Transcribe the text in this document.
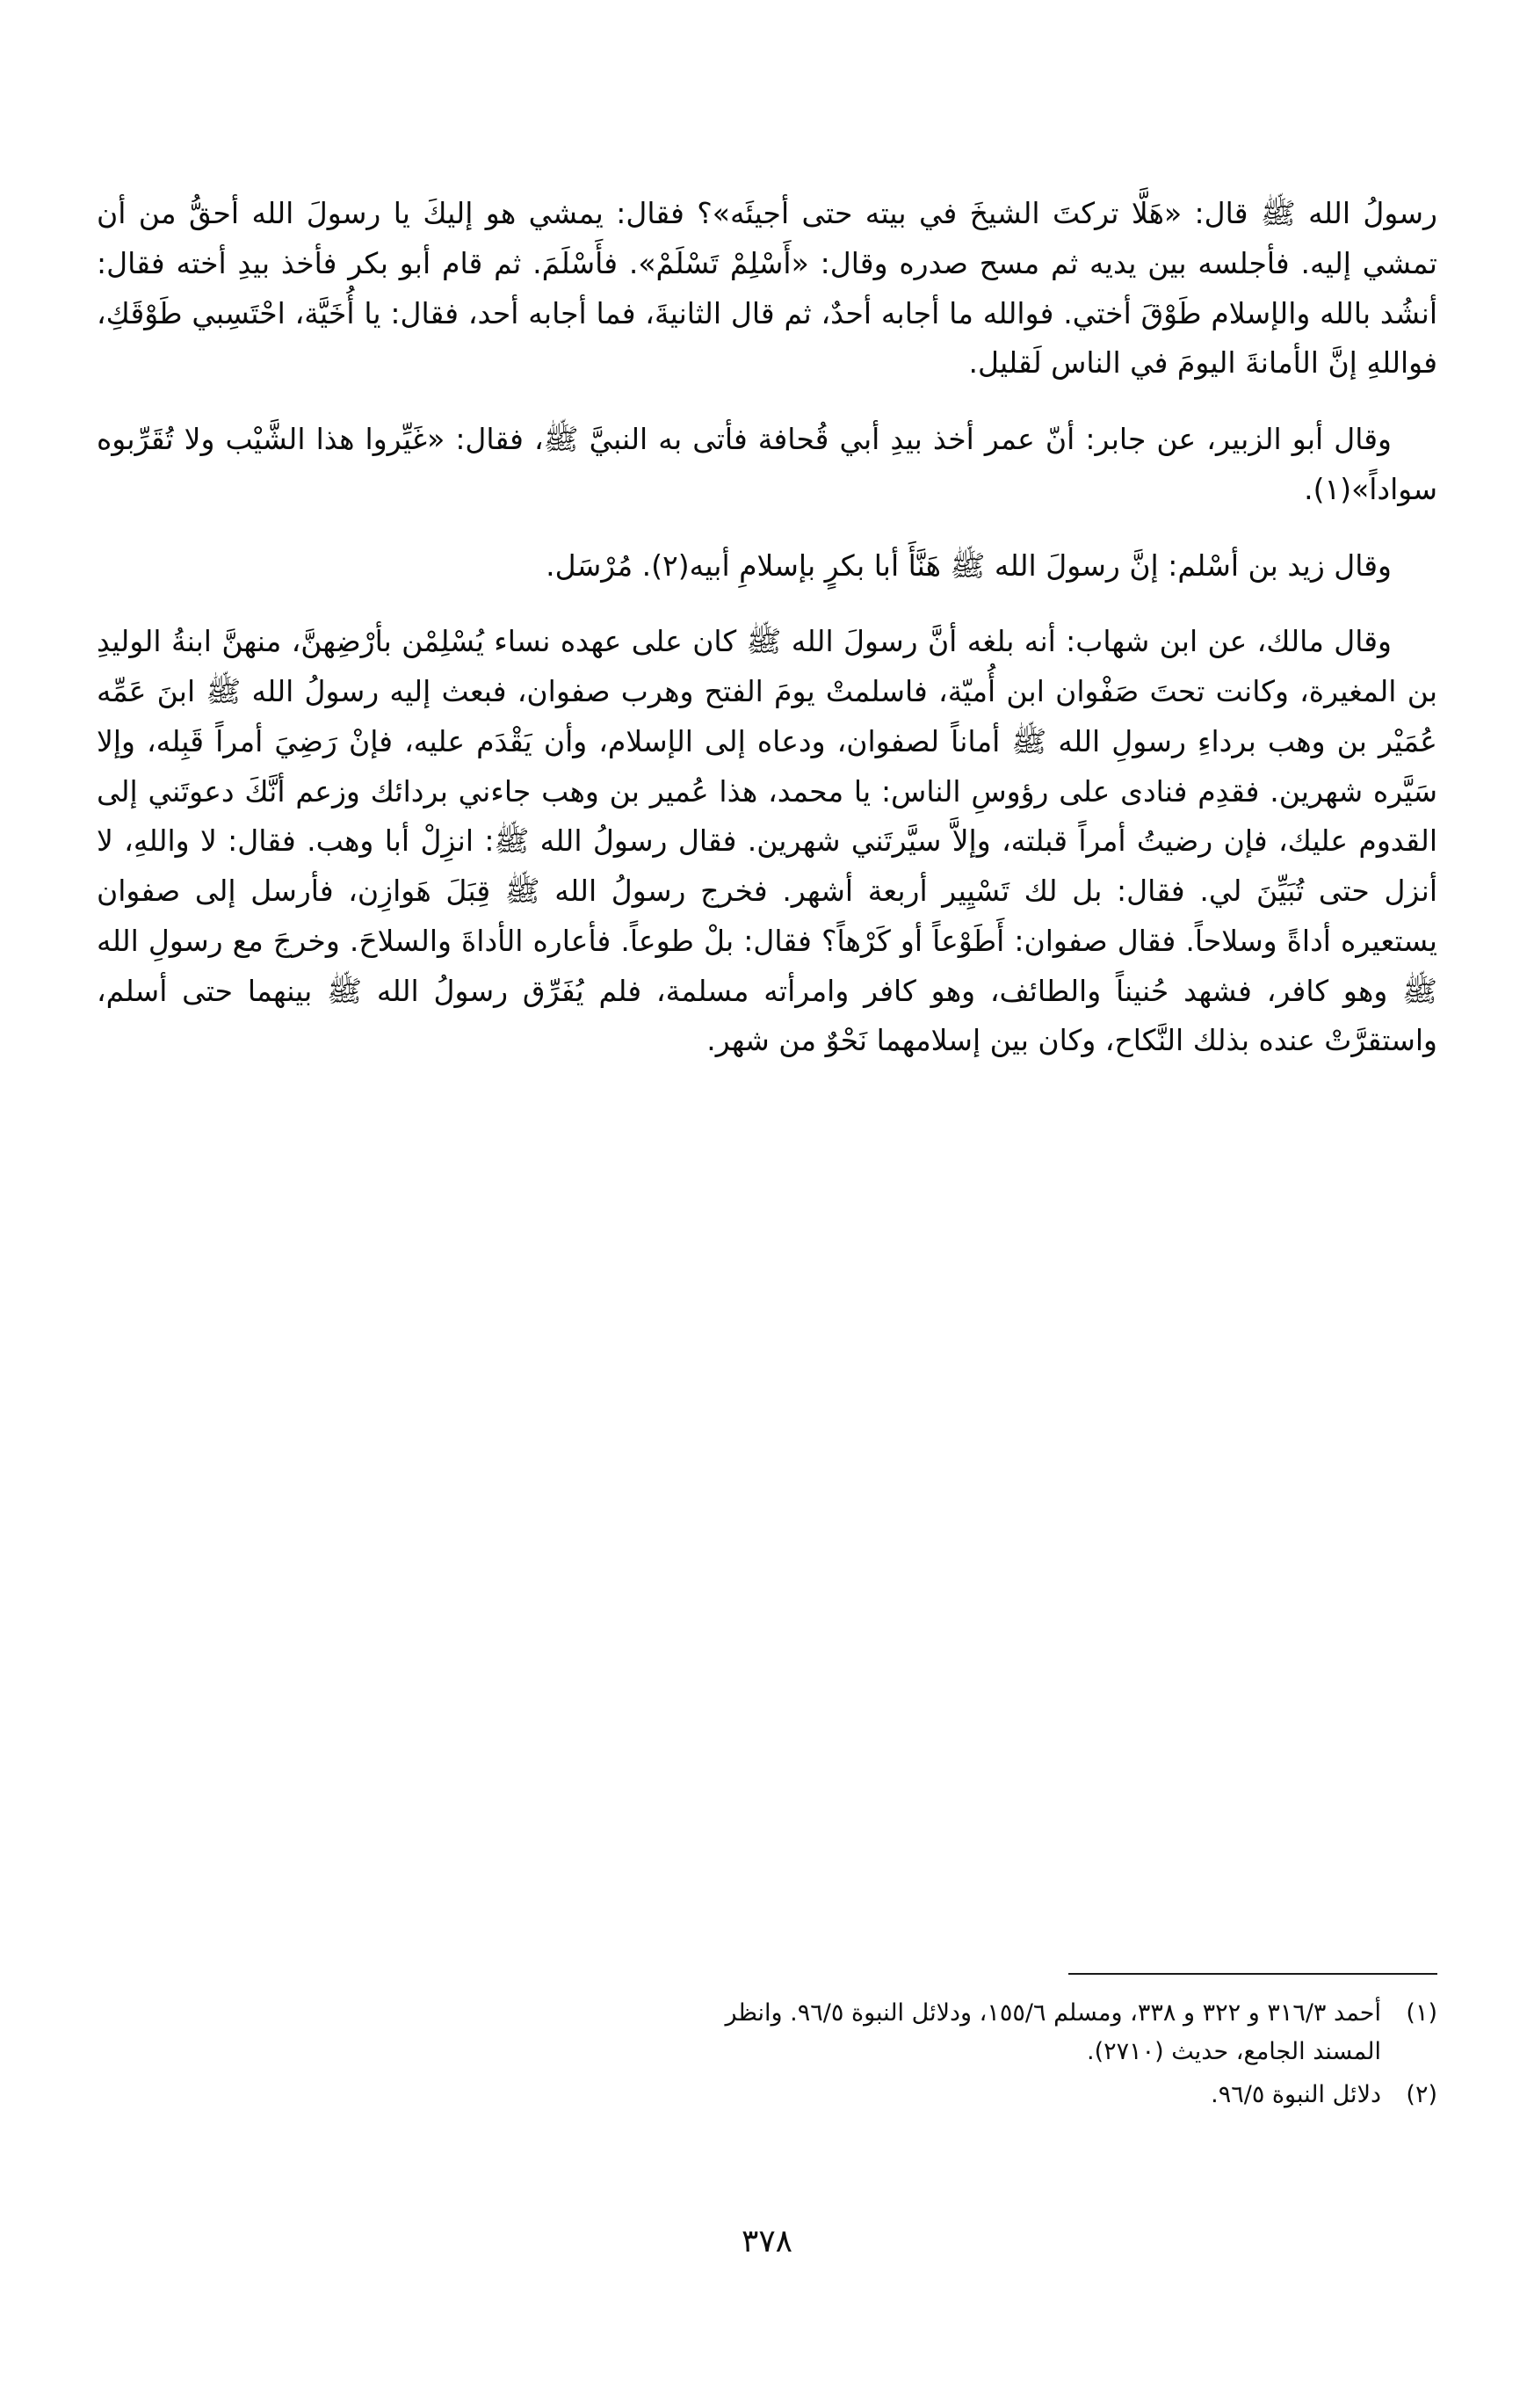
رسولُ الله ﷺ قال: «هَلَّا تركتَ الشيخَ في بيته حتى أجيئَه»؟ فقال: يمشي هو إليكَ يا رسولَ الله أحقُّ من أن تمشي إليه. فأجلسه بين يديه ثم مسح صدره وقال: «أَسْلِمْ تَسْلَمْ». فأَسْلَمَ. ثم قام أبو بكر فأخذ بيدِ أخته فقال: أنشُد بالله والإسلام طَوْقَ أختي. فوالله ما أجابه أحدٌ، ثم قال الثانيةَ، فما أجابه أحد، فقال: يا أُخَيَّة، احْتَسِبي طَوْقَكِ، فواللهِ إنَّ الأمانةَ اليومَ في الناس لَقليل.

وقال أبو الزبير، عن جابر: أنّ عمر أخذ بيدِ أبي قُحافة فأتى به النبيَّ ﷺ، فقال: «غَيِّروا هذا الشَّيْب ولا تُقَرِّبوه سواداً»(١).

وقال زيد بن أسْلم: إنَّ رسولَ الله ﷺ هَنَّأَ أبا بكرٍ بإسلامِ أبيه(٢). مُرْسَل.

وقال مالك، عن ابن شهاب: أنه بلغه أنَّ رسولَ الله ﷺ كان على عهده نساء يُسْلِمْن بأرْضِهنَّ، منهنَّ ابنةُ الوليدِ بن المغيرة، وكانت تحتَ صَفْوان ابن أُميّة، فاسلمتْ يومَ الفتح وهرب صفوان، فبعث إليه رسولُ الله ﷺ ابنَ عَمِّه عُمَيْر بن وهب برداءِ رسولِ الله ﷺ أماناً لصفوان، ودعاه إلى الإسلام، وأن يَقْدَم عليه، فإنْ رَضِيَ أمراً قَبِله، وإلا سَيَّره شهرين. فقدِم فنادى على رؤوسِ الناس: يا محمد، هذا عُمير بن وهب جاءني بردائك وزعم أنَّكَ دعوتَني إلى القدوم عليك، فإن رضيتُ أمراً قبلته، وإلاَّ سيَّرتَني شهرين. فقال رسولُ الله ﷺ: انزِلْ أبا وهب. فقال: لا واللهِ، لا أنزل حتى تُبَيِّنَ لي. فقال: بل لك تَسْيِير أربعة أشهر. فخرج رسولُ الله ﷺ قِبَلَ هَوازِن، فأرسل إلى صفوان يستعيره أداةً وسلاحاً. فقال صفوان: أَطَوْعاً أو كَرْهاً؟ فقال: بلْ طوعاً. فأعاره الأداةَ والسلاحَ. وخرجَ مع رسولِ الله ﷺ وهو كافر، فشهد حُنيناً والطائف، وهو كافر وامرأته مسلمة، فلم يُفَرِّق رسولُ الله ﷺ بينهما حتى أسلم، واستقرَّتْ عنده بذلك النَّكاح، وكان بين إسلامهما نَحْوٌ من شهر.

(١)
أحمد ٣١٦/٣ و ٣٢٢ و ٣٣٨، ومسلم ١٥٥/٦، ودلائل النبوة ٩٦/٥. وانظر
المسند الجامع، حديث (٢٧١٠).
(٢)
دلائل النبوة ٩٦/٥.
٣٧٨
